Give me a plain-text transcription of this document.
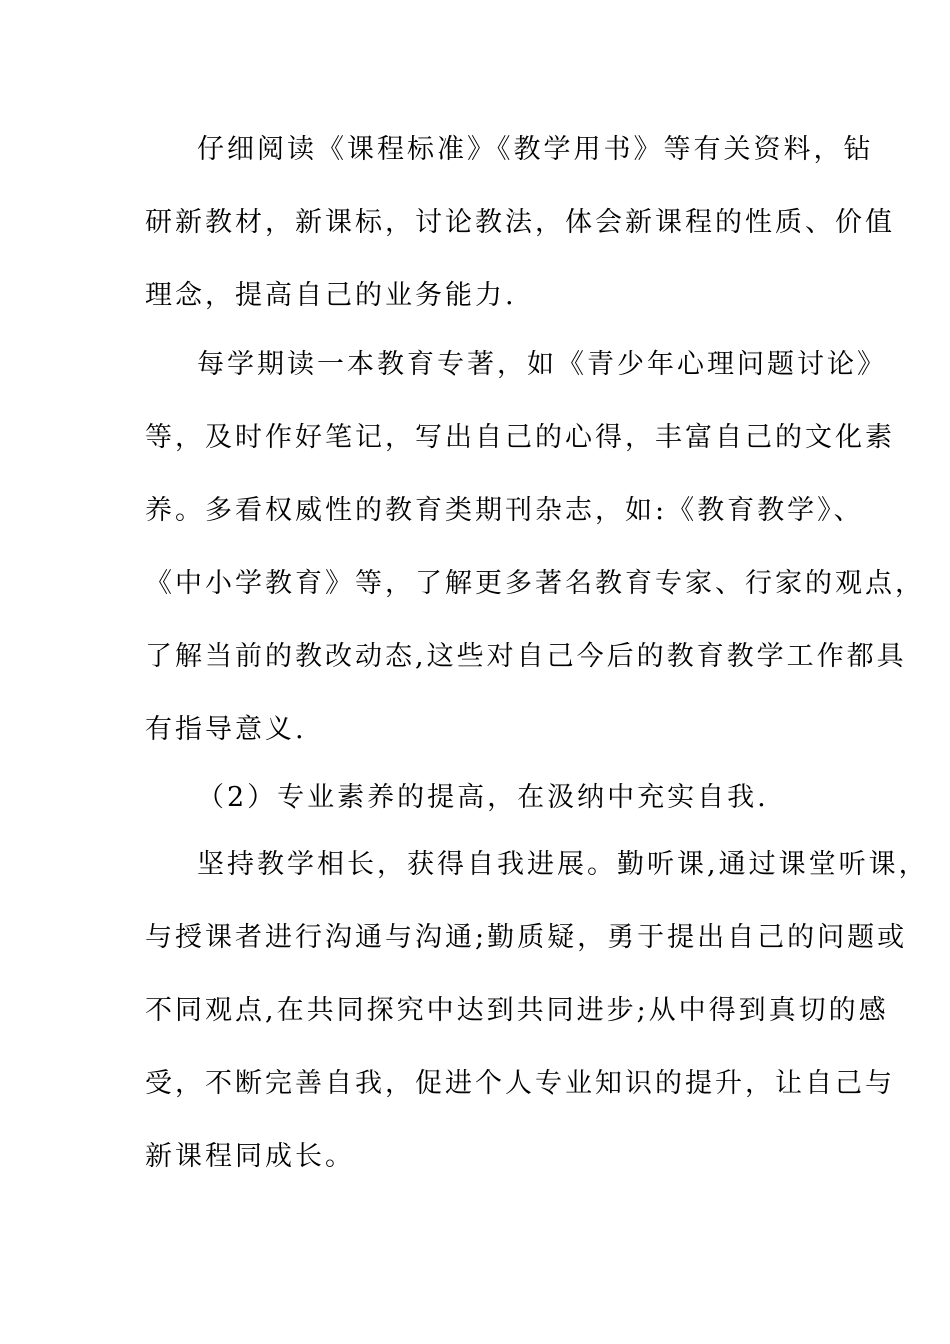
仔细阅读《课程标准》《教学用书》等有关资料，钻
研新教材，新课标，讨论教法，体会新课程的性质、价值
理念，提高自己的业务能力.
每学期读一本教育专著，如《青少年心理问题讨论》
等，及时作好笔记，写出自己的心得，丰富自己的文化素
养。多看权威性的教育类期刊杂志，如:《教育教学》、
《中小学教育》等，了解更多著名教育专家、行家的观点，
了解当前的教改动态,这些对自己今后的教育教学工作都具
有指导意义.
（2）专业素养的提高，在汲纳中充实自我.
坚持教学相长，获得自我进展。勤听课,通过课堂听课，
与授课者进行沟通与沟通;勤质疑，勇于提出自己的问题或
不同观点,在共同探究中达到共同进步;从中得到真切的感
受，不断完善自我，促进个人专业知识的提升，让自己与
新课程同成长。
